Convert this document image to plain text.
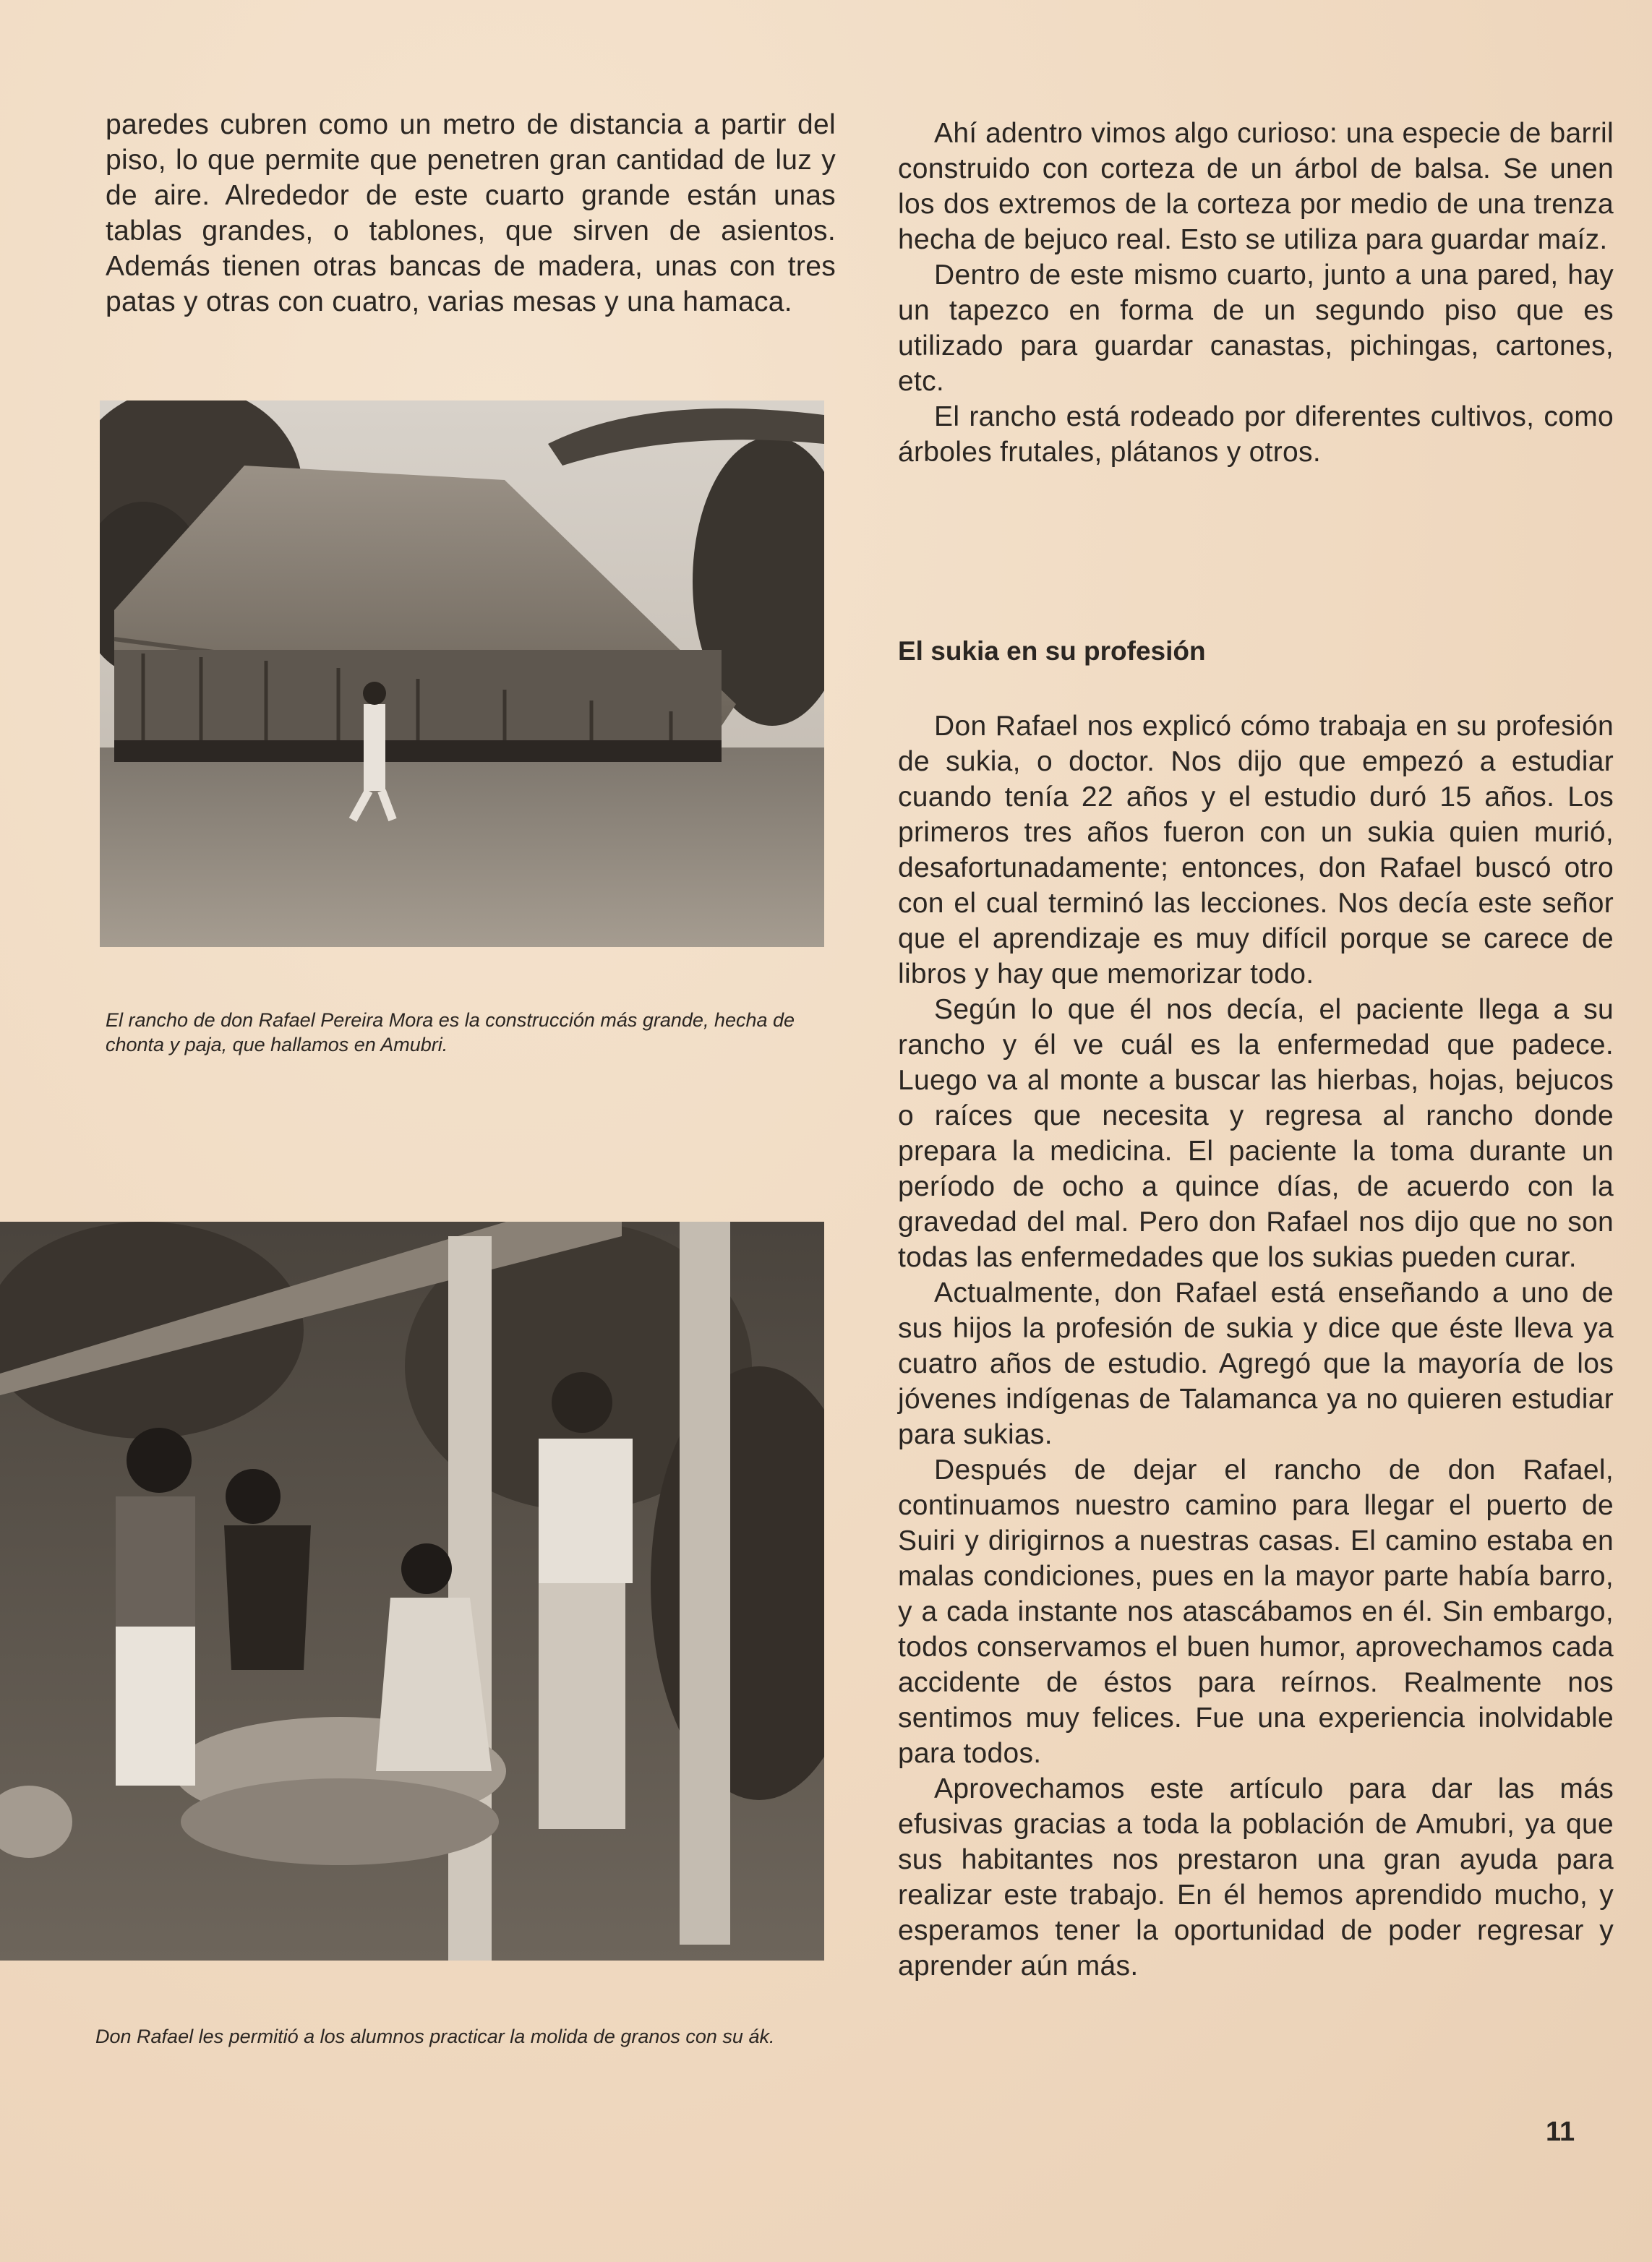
paredes cubren como un metro de distancia a partir del piso, lo que permite que penetren gran cantidad de luz y de aire. Alrededor de este cuarto grande están unas tablas grandes, o tablones, que sirven de asientos. Además tienen otras bancas de madera, unas con tres patas y otras con cuatro, varias mesas y una hamaca.

El rancho de don Rafael Pereira Mora es la construcción más grande, hecha de chonta y paja, que hallamos en Amubri.

Don Rafael les permitió a los alumnos practicar la molida de granos con su ák.

Ahí adentro vimos algo curioso: una especie de barril construido con corteza de un árbol de balsa. Se unen los dos extremos de la corteza por medio de una trenza hecha de bejuco real. Esto se utiliza para guardar maíz.

Dentro de este mismo cuarto, junto a una pared, hay un tapezco en forma de un segundo piso que es utilizado para guardar canastas, pichingas, cartones, etc.

El rancho está rodeado por diferentes cultivos, como árboles frutales, plátanos y otros.

El sukia en su profesión

Don Rafael nos explicó cómo trabaja en su profesión de sukia, o doctor. Nos dijo que empezó a estudiar cuando tenía 22 años y el estudio duró 15 años. Los primeros tres años fueron con un sukia quien murió, desafortunadamente; entonces, don Rafael buscó otro con el cual terminó las lecciones. Nos decía este señor que el aprendizaje es muy difícil porque se carece de libros y hay que memorizar todo.

Según lo que él nos decía, el paciente llega a su rancho y él ve cuál es la enfermedad que padece. Luego va al monte a buscar las hierbas, hojas, bejucos o raíces que necesita y regresa al rancho donde prepara la medicina. El paciente la toma durante un período de ocho a quince días, de acuerdo con la gravedad del mal. Pero don Rafael nos dijo que no son todas las enfermedades que los sukias pueden curar.

Actualmente, don Rafael está enseñando a uno de sus hijos la profesión de sukia y dice que éste lleva ya cuatro años de estudio. Agregó que la mayoría de los jóvenes indígenas de Talamanca ya no quieren estudiar para sukias.

Después de dejar el rancho de don Rafael, continuamos nuestro camino para llegar el puerto de Suiri y dirigirnos a nuestras casas. El camino estaba en malas condiciones, pues en la mayor parte había barro, y a cada instante nos atascábamos en él. Sin embargo, todos conservamos el buen humor, aprovechamos cada accidente de éstos para reírnos. Realmente nos sentimos muy felices. Fue una experiencia inolvidable para todos.

Aprovechamos este artículo para dar las más efusivas gracias a toda la población de Amubri, ya que sus habitantes nos prestaron una gran ayuda para realizar este trabajo. En él hemos aprendido mucho, y esperamos tener la oportunidad de poder regresar y aprender aún más.

11
